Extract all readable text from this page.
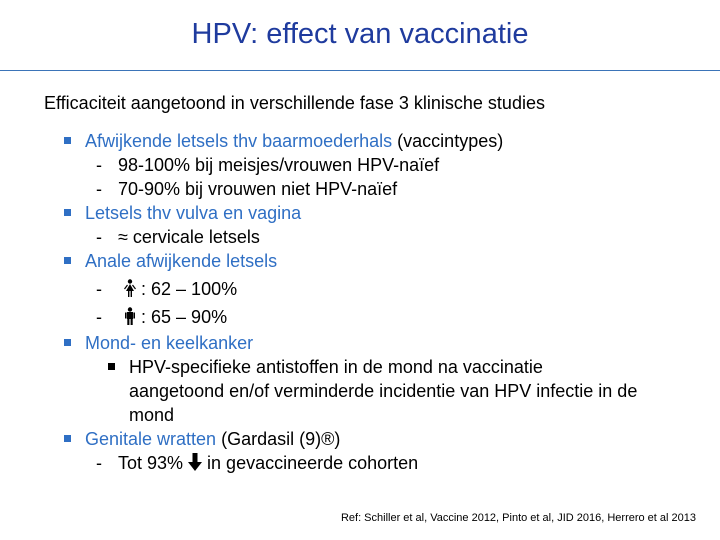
HPV: effect van vaccinatie
Efficaciteit aangetoond in verschillende fase 3 klinische studies
Afwijkende letsels thv baarmoederhals (vaccintypes)
- 98-100% bij meisjes/vrouwen HPV-naïef
- 70-90% bij vrouwen niet HPV-naïef
Letsels thv vulva en vagina
- ≈ cervicale letsels
Anale afwijkende letsels
- : 62 – 100%
- : 65 – 90%
Mond- en keelkanker
HPV-specifieke antistoffen in de mond na vaccinatie
aangetoond en/of verminderde incidentie van HPV infectie in de
mond
Genitale wratten (Gardasil (9)®)
- Tot 93%  in gevaccineerde cohorten
Ref: Schiller et al, Vaccine 2012, Pinto et al, JID 2016, Herrero et al 2013
